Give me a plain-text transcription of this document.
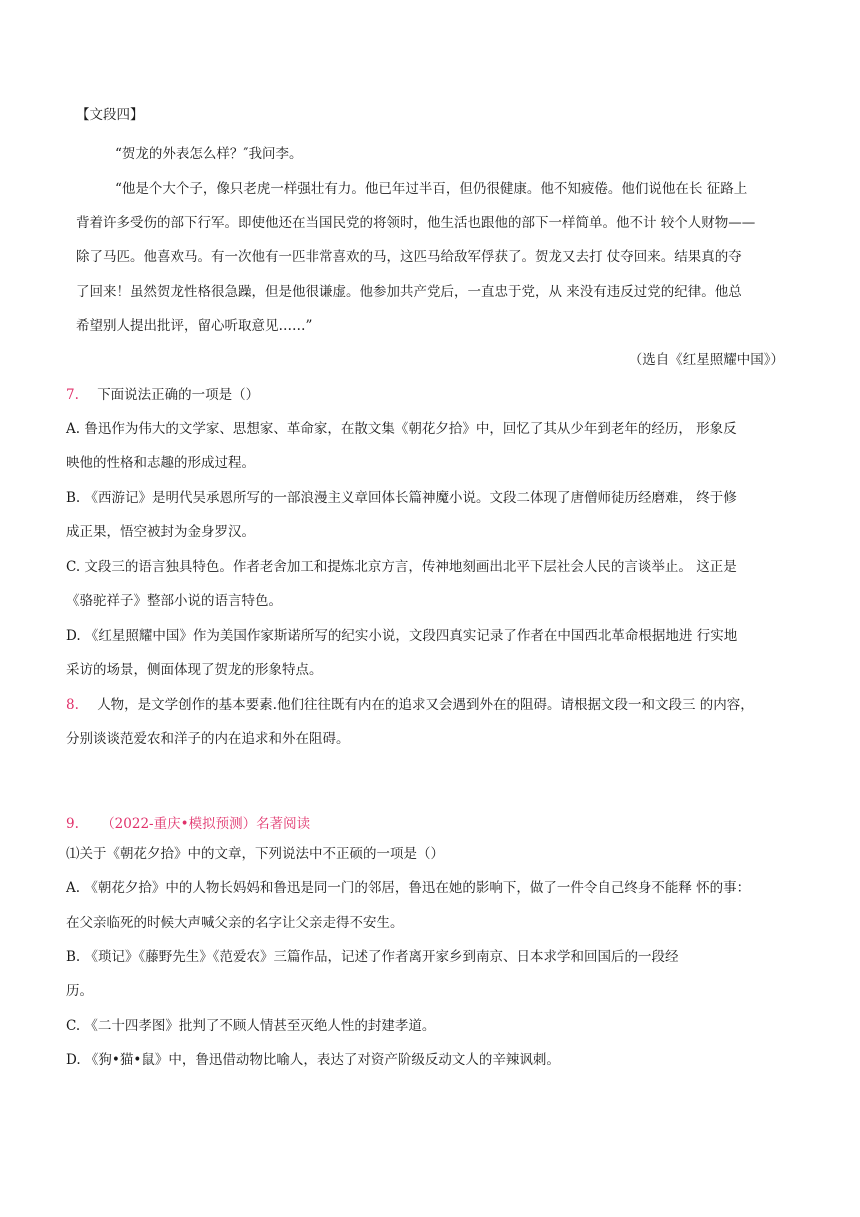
【文段四】
“贺龙的外表怎么样？″我问李。
“他是个大个子，像只老虎一样强壮有力。他已年过半百，但仍很健康。他不知疲倦。他们说他在长 征路上
背着许多受伤的部下行军。即使他还在当国民党的将领时，他生活也跟他的部下一样简单。他不计 较个人财物——
除了马匹。他喜欢马。有一次他有一匹非常喜欢的马，这匹马给敌军俘获了。贺龙又去打 仗夺回来。结果真的夺
了回来！虽然贺龙性格很急躁，但是他很谦虚。他参加共产党后，一直忠于党，从 来没有违反过党的纪律。他总
希望别人提出批评，留心听取意见……”
（选自《红星照耀中国》）
7. 下面说法正确的一项是（）
A. 鲁迅作为伟大的文学家、思想家、革命家，在散文集《朝花夕拾》中，回忆了其从少年到老年的经历， 形象反
映他的性格和志趣的形成过程。
B. 《西游记》是明代吴承恩所写的一部浪漫主义章回体长篇神魔小说。文段二体现了唐僧师徒历经磨难， 终于修
成正果，悟空被封为金身罗汉。
C. 文段三的语言独具特色。作者老舍加工和提炼北京方言，传神地刻画出北平下层社会人民的言谈举止。 这正是
《骆驼祥子》整部小说的语言特色。
D. 《红星照耀中国》作为美国作家斯诺所写的纪实小说，文段四真实记录了作者在中国西北革命根据地进 行实地
采访的场景，侧面体现了贺龙的形象特点。
8. 人物，是文学创作的基本要素.他们往往既有内在的追求又会遇到外在的阻碍。请根据文段一和文段三 的内容，
分别谈谈范爱农和洋子的内在追求和外在阻碍。
9. （2022-重庆•模拟预测）名著阅读
⑴关于《朝花夕拾》中的文章，下列说法中不正硕的一项是（）
A. 《朝花夕拾》中的人物长妈妈和鲁迅是同一门的邻居，鲁迅在她的影响下，做了一件令自己终身不能释 怀的事：
在父亲临死的时候大声喊父亲的名字让父亲走得不安生。
B. 《琐记》《藤野先生》《范爱农》三篇作品，记述了作者离开家乡到南京、日本求学和回国后的一段经
历。
C. 《二十四孝图》批判了不顾人情甚至灭绝人性的封建孝道。
D. 《狗•猫•鼠》中，鲁迅借动物比喻人，表达了对资产阶级反动文人的辛辣讽刺。
